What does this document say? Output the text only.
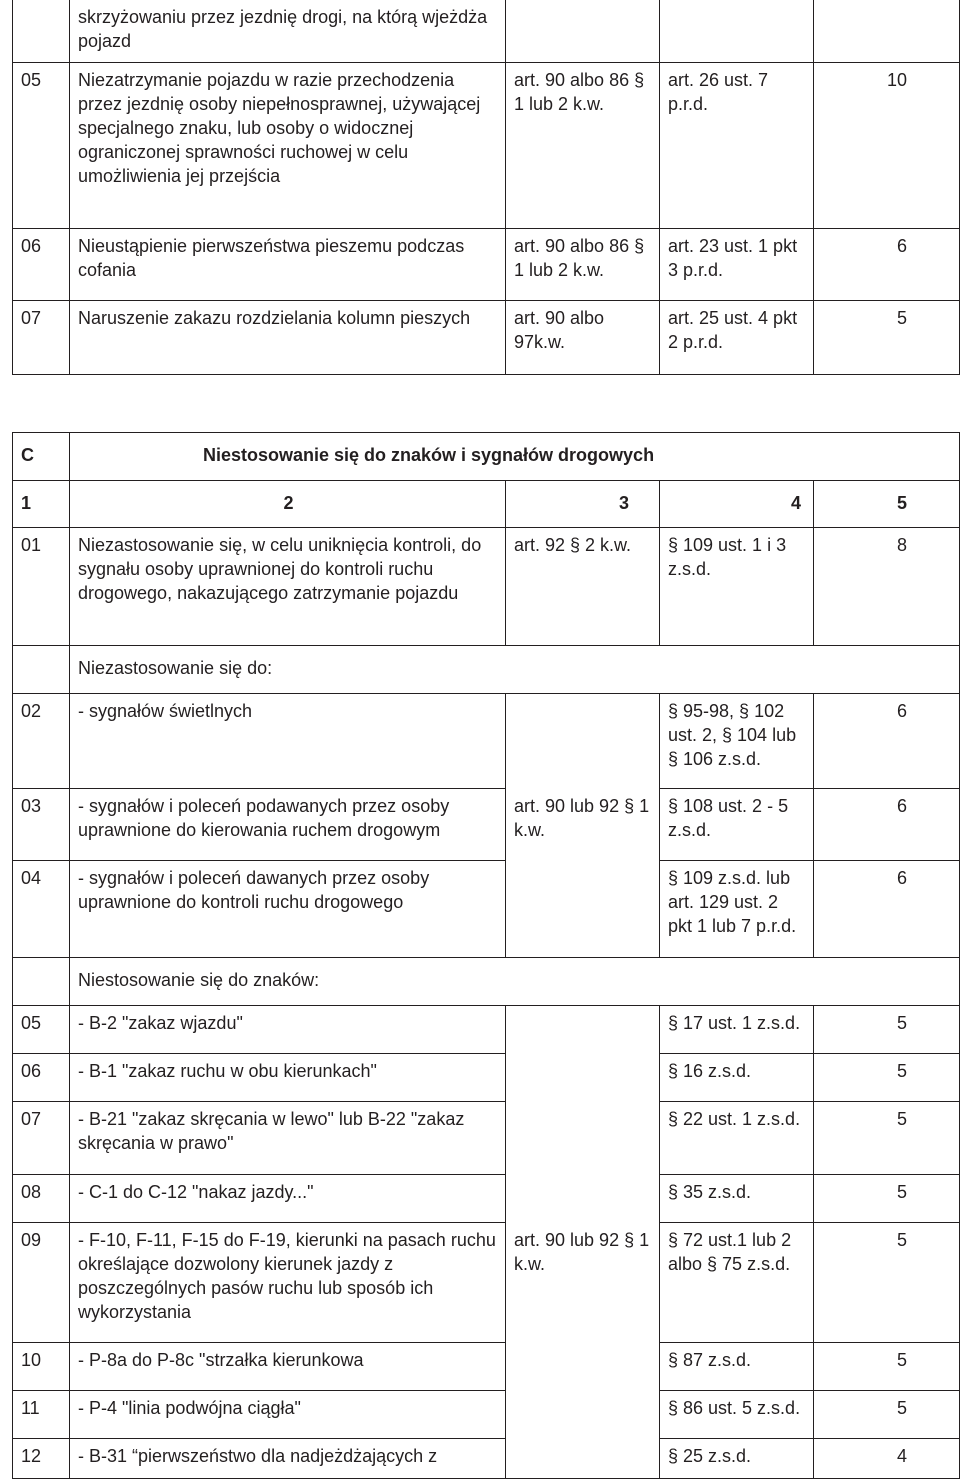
	skrzyżowaniu przez jezdnię drogi, na którą wjeżdża pojazd			
05	Niezatrzymanie pojazdu w razie przechodzenia przez jezdnię osoby niepełnosprawnej, używającej specjalnego znaku, lub osoby o widocznej ograniczonej sprawności ruchowej w celu umożliwienia jej przejścia	art. 90 albo 86 § 1 lub 2 k.w.	art. 26 ust. 7 p.r.d.	10
06	Nieustąpienie pierwszeństwa pieszemu podczas cofania	art. 90 albo 86 § 1 lub 2 k.w.	art. 23 ust. 1 pkt 3 p.r.d.	6
07	Naruszenie zakazu rozdzielania kolumn pieszych	art. 90 albo 97k.w.	art. 25 ust. 4 pkt 2 p.r.d.	5
C	Niestosowanie się do znaków i sygnałów drogowych			
1	2	3	4	5
01	Niezastosowanie się, w celu uniknięcia kontroli, do sygnału osoby uprawnionej do kontroli ruchu drogowego, nakazującego zatrzymanie pojazdu	art. 92 § 2 k.w.	§ 109 ust. 1 i 3 z.s.d.	8
	Niezastosowanie się do:			
02	- sygnałów świetlnych		§ 95-98, § 102 ust. 2, § 104 lub § 106 z.s.d.	6
03	- sygnałów i poleceń podawanych przez osoby uprawnione do kierowania ruchem drogowym	art. 90 lub 92 § 1 k.w.	§ 108 ust. 2 - 5 z.s.d.	6
04	- sygnałów i poleceń dawanych przez osoby uprawnione do kontroli ruchu drogowego		§ 109 z.s.d. lub art. 129 ust. 2 pkt 1 lub 7 p.r.d.	6
	Niestosowanie się do znaków:			
05	- B-2 "zakaz wjazdu"		§ 17 ust. 1 z.s.d.	5
06	- B-1 "zakaz ruchu w obu kierunkach"		§ 16 z.s.d.	5
07	- B-21 "zakaz skręcania w lewo" lub B-22 "zakaz skręcania w prawo"		§ 22 ust. 1 z.s.d.	5
08	- C-1 do C-12 "nakaz jazdy..."		§ 35 z.s.d.	5
09	- F-10, F-11, F-15 do F-19, kierunki na pasach ruchu określające dozwolony kierunek jazdy z poszczególnych pasów ruchu lub sposób ich wykorzystania	art. 90 lub 92 § 1 k.w.	§ 72 ust.1 lub 2 albo § 75 z.s.d.	5
10	- P-8a do P-8c "strzałka kierunkowa		§ 87 z.s.d.	5
11	- P-4 "linia podwójna ciągła"		§ 86 ust. 5 z.s.d.	5
12	- B-31 “pierwszeństwo dla nadjeżdżających z		§ 25 z.s.d.	4
